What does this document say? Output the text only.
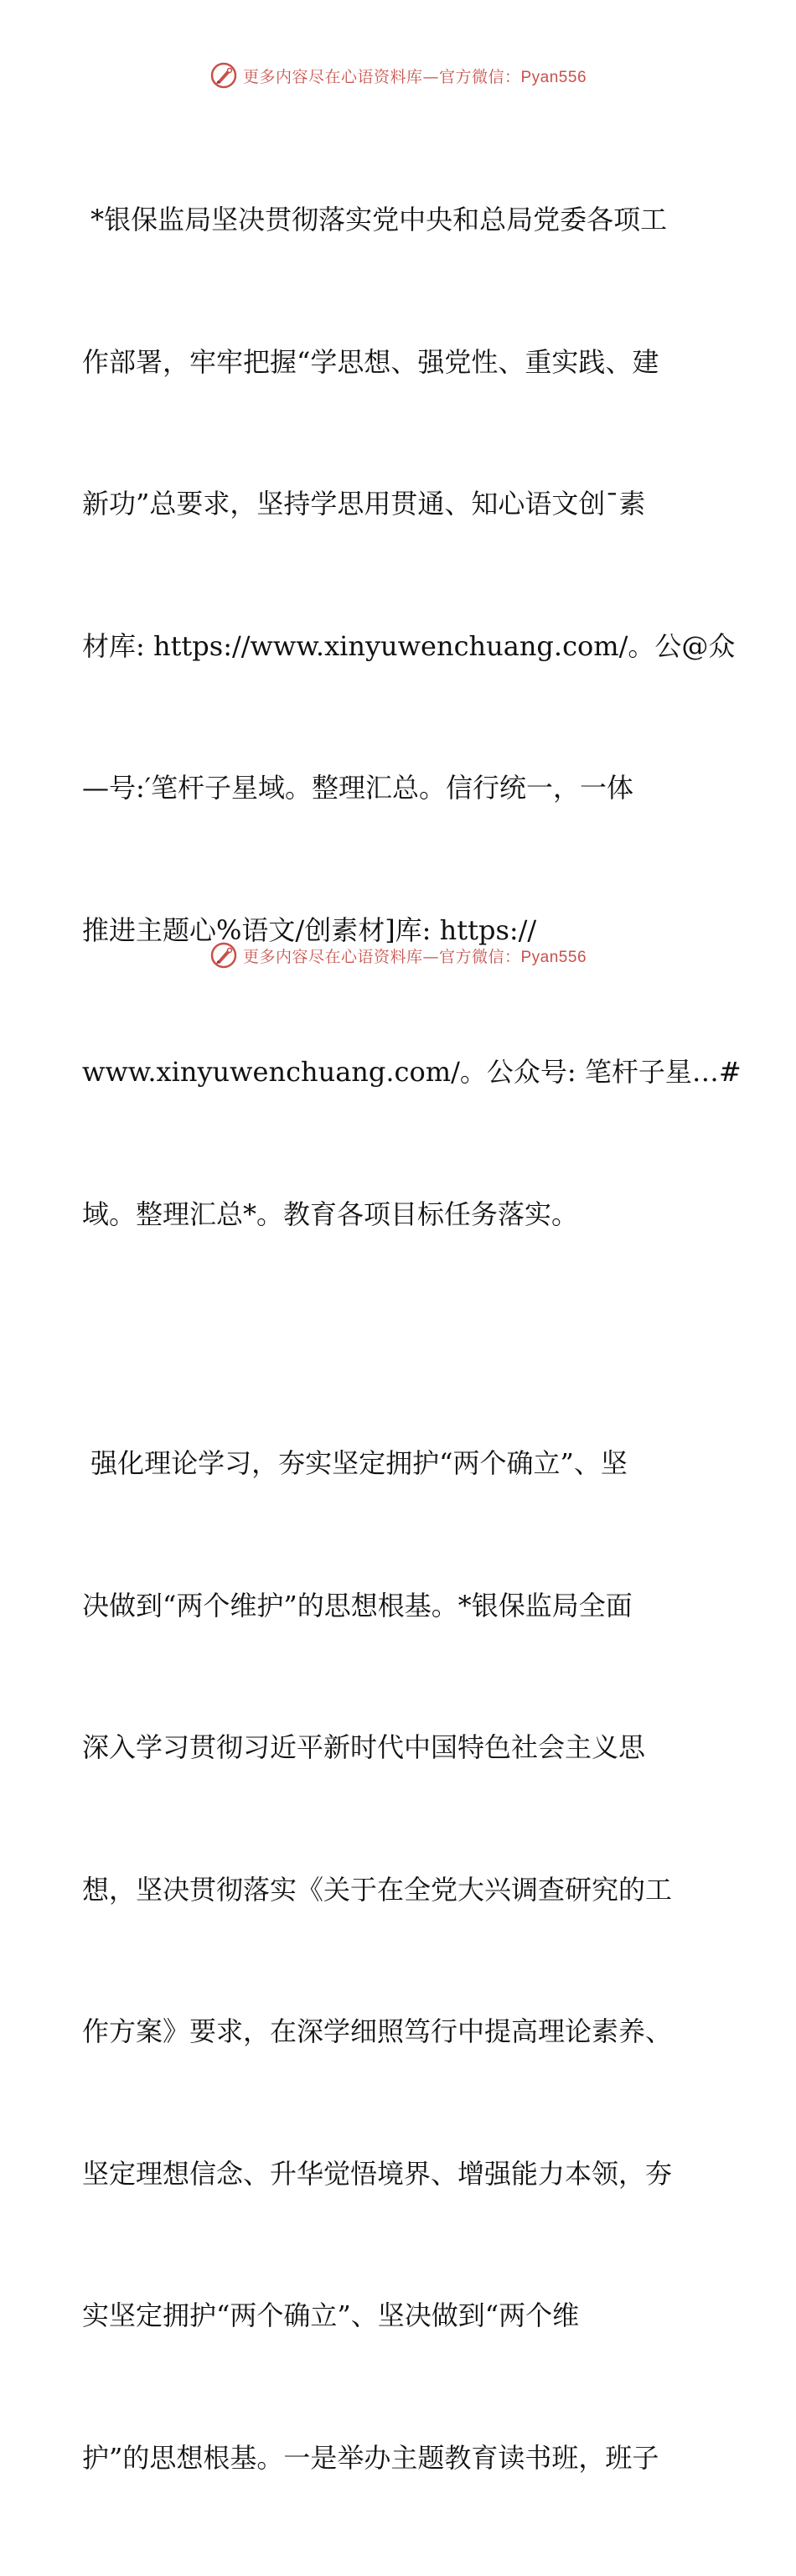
更多内容尽在心语资料库—官方微信：Pyan556

*银保监局坚决贯彻落实党中央和总局党委各项工

作部署，牢牢把握“学思想、强党性、重实践、建

新功”总要求，坚持学思用贯通、知心语文创¯素

材库: https://www.xinyuwenchuang.com/。公@众

—号:′笔杆子星域。整理汇总。信行统一，一体

推进主题心%语文/创素材]库: https://

www.xinyuwenchuang.com/。公众号: 笔杆子星…#

域。整理汇总*。教育各项目标任务落实。

强化理论学习，夯实坚定拥护“两个确立”、坚

决做到“两个维护”的思想根基。*银保监局全面

深入学习贯彻习近平新时代中国特色社会主义思

想，坚决贯彻落实《关于在全党大兴调查研究的工

作方案》要求，在深学细照笃行中提高理论素养、

坚定理想信念、升华觉悟境界、增强能力本领，夯

实坚定拥护“两个确立”、坚决做到“两个维

护”的思想根基。一是举办主题教育读书班，班子

更多内容尽在心语资料库—官方微信：Pyan556
